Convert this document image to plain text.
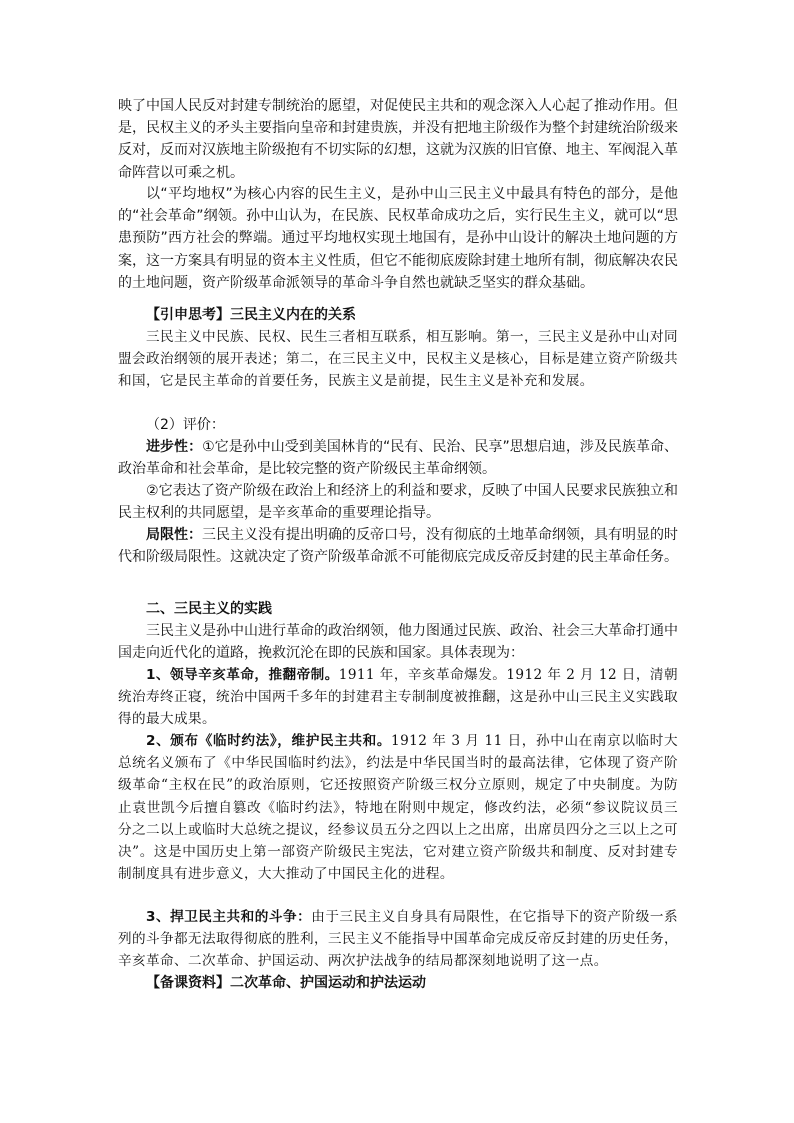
映了中国人民反对封建专制统治的愿望，对促使民主共和的观念深入人心起了推动作用。但是，民权主义的矛头主要指向皇帝和封建贵族，并没有把地主阶级作为整个封建统治阶级来反对，反而对汉族地主阶级抱有不切实际的幻想，这就为汉族的旧官僚、地主、军阀混入革命阵营以可乘之机。

以“平均地权”为核心内容的民生主义，是孙中山三民主义中最具有特色的部分，是他的“社会革命”纲领。孙中山认为，在民族、民权革命成功之后，实行民生主义，就可以“思患预防”西方社会的弊端。通过平均地权实现土地国有，是孙中山设计的解决土地问题的方案，这一方案具有明显的资本主义性质，但它不能彻底废除封建土地所有制，彻底解决农民的土地问题，资产阶级革命派领导的革命斗争自然也就缺乏坚实的群众基础。

【引申思考】三民主义内在的关系

三民主义中民族、民权、民生三者相互联系，相互影响。第一，三民主义是孙中山对同盟会政治纲领的展开表述；第二，在三民主义中，民权主义是核心，目标是建立资产阶级共和国，它是民主革命的首要任务，民族主义是前提，民生主义是补充和发展。

（2）评价：

进步性：①它是孙中山受到美国林肯的“民有、民治、民享”思想启迪，涉及民族革命、政治革命和社会革命，是比较完整的资产阶级民主革命纲领。

②它表达了资产阶级在政治上和经济上的利益和要求，反映了中国人民要求民族独立和民主权利的共同愿望，是辛亥革命的重要理论指导。

局限性：三民主义没有提出明确的反帝口号，没有彻底的土地革命纲领，具有明显的时代和阶级局限性。这就决定了资产阶级革命派不可能彻底完成反帝反封建的民主革命任务。

二、三民主义的实践

三民主义是孙中山进行革命的政治纲领，他力图通过民族、政治、社会三大革命打通中国走向近代化的道路，挽救沉沦在即的民族和国家。具体表现为：

1、领导辛亥革命，推翻帝制。1911 年，辛亥革命爆发。1912 年 2 月 12 日，清朝统治寿终正寝，统治中国两千多年的封建君主专制制度被推翻，这是孙中山三民主义实践取得的最大成果。

2、颁布《临时约法》，维护民主共和。1912 年 3 月 11 日，孙中山在南京以临时大总统名义颁布了《中华民国临时约法》，约法是中华民国当时的最高法律，它体现了资产阶级革命“主权在民”的政治原则，它还按照资产阶级三权分立原则，规定了中央制度。为防止袁世凯今后擅自篡改《临时约法》，特地在附则中规定，修改约法，必须“参议院议员三分之二以上或临时大总统之提议，经参议员五分之四以上之出席，出席员四分之三以上之可决”。这是中国历史上第一部资产阶级民主宪法，它对建立资产阶级共和制度、反对封建专制制度具有进步意义，大大推动了中国民主化的进程。

3、捍卫民主共和的斗争：由于三民主义自身具有局限性，在它指导下的资产阶级一系列的斗争都无法取得彻底的胜利，三民主义不能指导中国革命完成反帝反封建的历史任务，辛亥革命、二次革命、护国运动、两次护法战争的结局都深刻地说明了这一点。

【备课资料】二次革命、护国运动和护法运动
